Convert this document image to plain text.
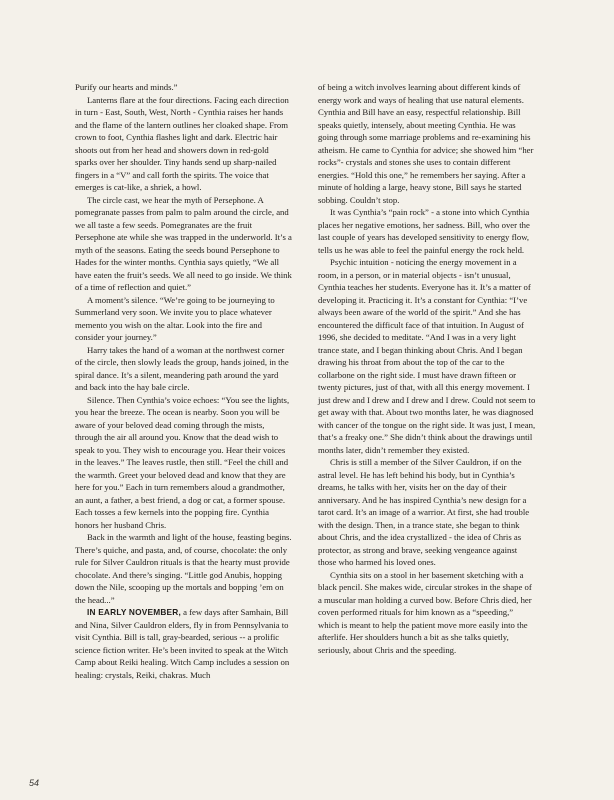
Purify our hearts and minds.”

Lanterns flare at the four directions. Facing each direction in turn - East, South, West, North - Cynthia raises her hands and the flame of the lantern outlines her cloaked shape. From crown to foot, Cynthia flashes light and dark. Electric hair shoots out from her head and showers down in red-gold sparks over her shoulder. Tiny hands send up sharp-nailed fingers in a “V” and call forth the spirits. The voice that emerges is cat-like, a shriek, a howl.

The circle cast, we hear the myth of Persephone. A pomegranate passes from palm to palm around the circle, and we all taste a few seeds. Pomegranates are the fruit Persephone ate while she was trapped in the underworld. It’s a myth of the seasons. Eating the seeds bound Persephone to Hades for the winter months. Cynthia says quietly, “We all have eaten the fruit’s seeds. We all need to go inside. We think of a time of reflection and quiet.”

A moment’s silence. “We’re going to be journeying to Summerland very soon. We invite you to place whatever memento you wish on the altar. Look into the fire and consider your journey.”

Harry takes the hand of a woman at the northwest corner of the circle, then slowly leads the group, hands joined, in the spiral dance. It’s a silent, meandering path around the yard and back into the hay bale circle.

Silence. Then Cynthia’s voice echoes: “You see the lights, you hear the breeze. The ocean is nearby. Soon you will be aware of your beloved dead coming through the mists, through the air all around you. Know that the dead wish to speak to you. They wish to encourage you. Hear their voices in the leaves.” The leaves rustle, then still. “Feel the chill and the warmth. Greet your beloved dead and know that they are here for you.” Each in turn remembers aloud a grandmother, an aunt, a father, a best friend, a dog or cat, a former spouse. Each tosses a few kernels into the popping fire. Cynthia honors her husband Chris.

Back in the warmth and light of the house, feasting begins. There’s quiche, and pasta, and, of course, chocolate: the only rule for Silver Cauldron rituals is that the hearty must provide chocolate. And there’s singing. “Little god Anubis, hopping down the Nile, scooping up the mortals and bopping ’em on the head...”

IN EARLY NOVEMBER, a few days after Samhain, Bill and Nina, Silver Cauldron elders, fly in from Pennsylvania to visit Cynthia. Bill is tall, gray-bearded, serious -- a prolific science fiction writer. He’s been invited to speak at the Witch Camp about Reiki healing. Witch Camp includes a session on healing: crystals, Reiki, chakras. Much

of being a witch involves learning about different kinds of energy work and ways of healing that use natural elements. Cynthia and Bill have an easy, respectful relationship. Bill speaks quietly, intensely, about meeting Cynthia. He was going through some marriage problems and re-examining his atheism. He came to Cynthia for advice; she showed him “her rocks”- crystals and stones she uses to contain different energies. “Hold this one,” he remembers her saying. After a minute of holding a large, heavy stone, Bill says he started sobbing. Couldn’t stop.

It was Cynthia’s “pain rock” - a stone into which Cynthia places her negative emotions, her sadness. Bill, who over the last couple of years has developed sensitivity to energy flow, tells us he was able to feel the painful energy the rock held.

Psychic intuition - noticing the energy movement in a room, in a person, or in material objects - isn’t unusual, Cynthia teaches her students. Everyone has it. It’s a matter of developing it. Practicing it. It’s a constant for Cynthia: “I’ve always been aware of the world of the spirit.” And she has encountered the difficult face of that intuition. In August of 1996, she decided to meditate. “And I was in a very light trance state, and I began thinking about Chris. And I began drawing his throat from about the top of the car to the collarbone on the right side. I must have drawn fifteen or twenty pictures, just of that, with all this energy movement. I just drew and I drew and I drew and I drew. Could not seem to get away with that. About two months later, he was diagnosed with cancer of the tongue on the right side. It was just, I mean, that’s a freaky one.” She didn’t think about the drawings until months later, didn’t remember they existed.

Chris is still a member of the Silver Cauldron, if on the astral level. He has left behind his body, but in Cynthia’s dreams, he talks with her, visits her on the day of their anniversary. And he has inspired Cynthia’s new design for a tarot card. It’s an image of a warrior. At first, she had trouble with the design. Then, in a trance state, she began to think about Chris, and the idea crystallized - the idea of Chris as protector, as strong and brave, seeking vengeance against those who harmed his loved ones.

Cynthia sits on a stool in her basement sketching with a black pencil. She makes wide, circular strokes in the shape of a muscular man holding a curved bow. Before Chris died, her coven performed rituals for him known as a “speeding,” which is meant to help the patient move more easily into the afterlife. Her shoulders hunch a bit as she talks quietly, seriously, about Chris and the speeding.

54
